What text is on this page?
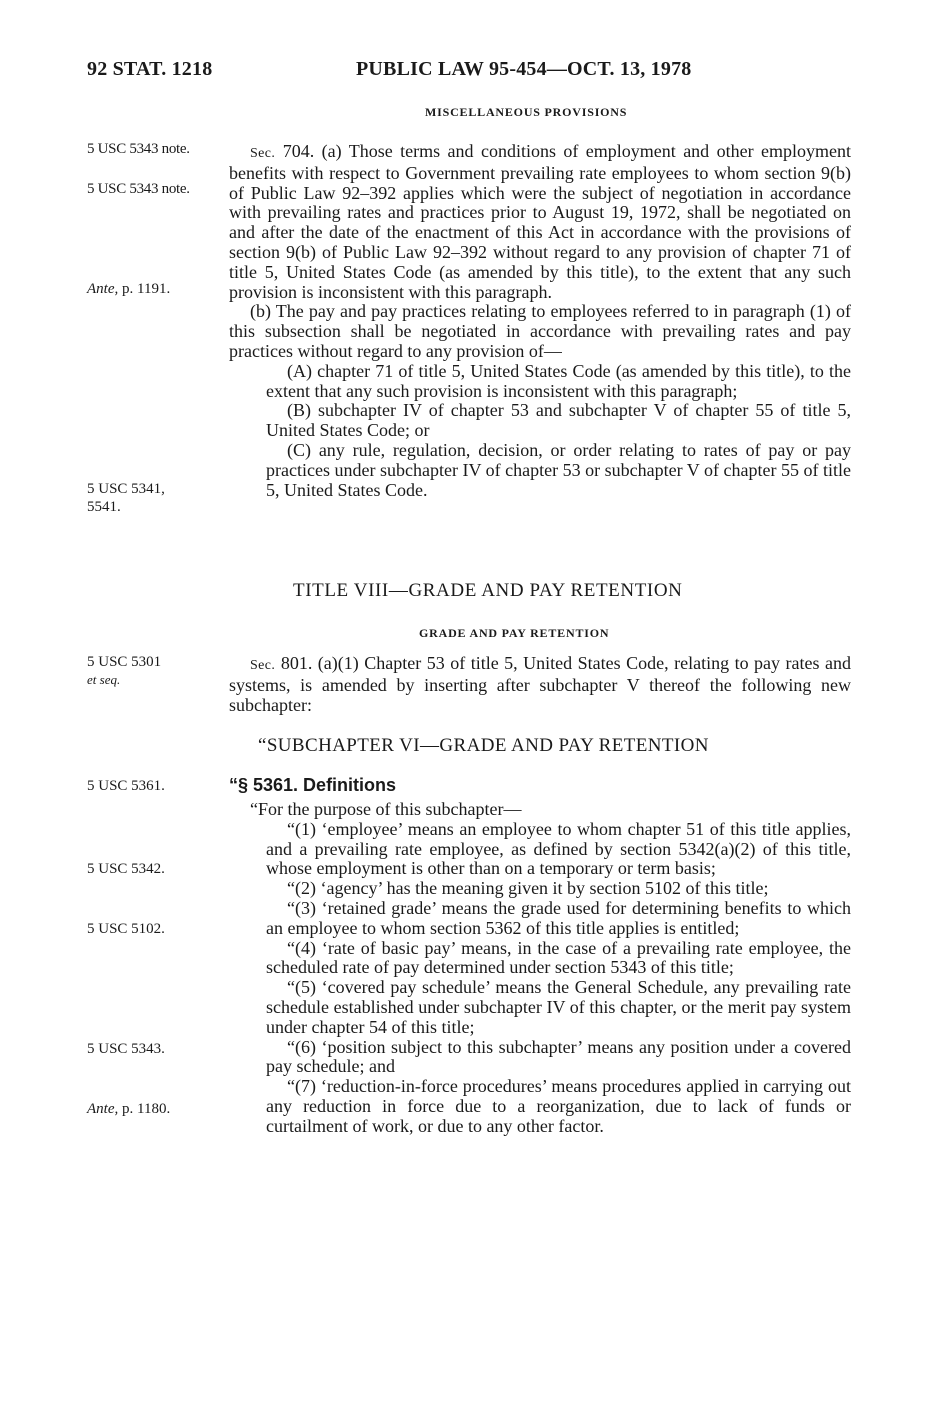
92 STAT. 1218	PUBLIC LAW 95-454—OCT. 13, 1978
MISCELLANEOUS PROVISIONS
5 USC 5343 note.
5 USC 5343 note.
Ante, p. 1191.
5 USC 5341,
5541.
5 USC 5301
et seq.
5 USC 5361.
5 USC 5342.
5 USC 5102.
5 USC 5343.
Ante, p. 1180.

Sec. 704. (a) Those terms and conditions of employment and other employment benefits with respect to Government prevailing rate employees to whom section 9(b) of Public Law 92–392 applies which were the subject of negotiation in accordance with prevailing rates and practices prior to August 19, 1972, shall be negotiated on and after the date of the enactment of this Act in accordance with the provisions of section 9(b) of Public Law 92–392 without regard to any provision of chapter 71 of title 5, United States Code (as amended by this title), to the extent that any such provision is inconsistent with this paragraph.

(b) The pay and pay practices relating to employees referred to in paragraph (1) of this subsection shall be negotiated in accordance with prevailing rates and pay practices without regard to any provision of—

(A) chapter 71 of title 5, United States Code (as amended by this title), to the extent that any such provision is inconsistent with this paragraph;

(B) subchapter IV of chapter 53 and subchapter V of chapter 55 of title 5, United States Code; or

(C) any rule, regulation, decision, or order relating to rates of pay or pay practices under subchapter IV of chapter 53 or subchapter V of chapter 55 of title 5, United States Code.

TITLE VIII—GRADE AND PAY RETENTION
GRADE AND PAY RETENTION

Sec. 801. (a)(1) Chapter 53 of title 5, United States Code, relating to pay rates and systems, is amended by inserting after subchapter V thereof the following new subchapter:

“SUBCHAPTER VI—GRADE AND PAY RETENTION
“§ 5361. Definitions

“For the purpose of this subchapter—

“(1) ‘employee’ means an employee to whom chapter 51 of this title applies, and a prevailing rate employee, as defined by section 5342(a)(2) of this title, whose employment is other than on a temporary or term basis;

“(2) ‘agency’ has the meaning given it by section 5102 of this title;

“(3) ‘retained grade’ means the grade used for determining benefits to which an employee to whom section 5362 of this title applies is entitled;

“(4) ‘rate of basic pay’ means, in the case of a prevailing rate employee, the scheduled rate of pay determined under section 5343 of this title;

“(5) ‘covered pay schedule’ means the General Schedule, any prevailing rate schedule established under subchapter IV of this chapter, or the merit pay system under chapter 54 of this title;

“(6) ‘position subject to this subchapter’ means any position under a covered pay schedule; and

“(7) ‘reduction-in-force procedures’ means procedures applied in carrying out any reduction in force due to a reorganization, due to lack of funds or curtailment of work, or due to any other factor.
